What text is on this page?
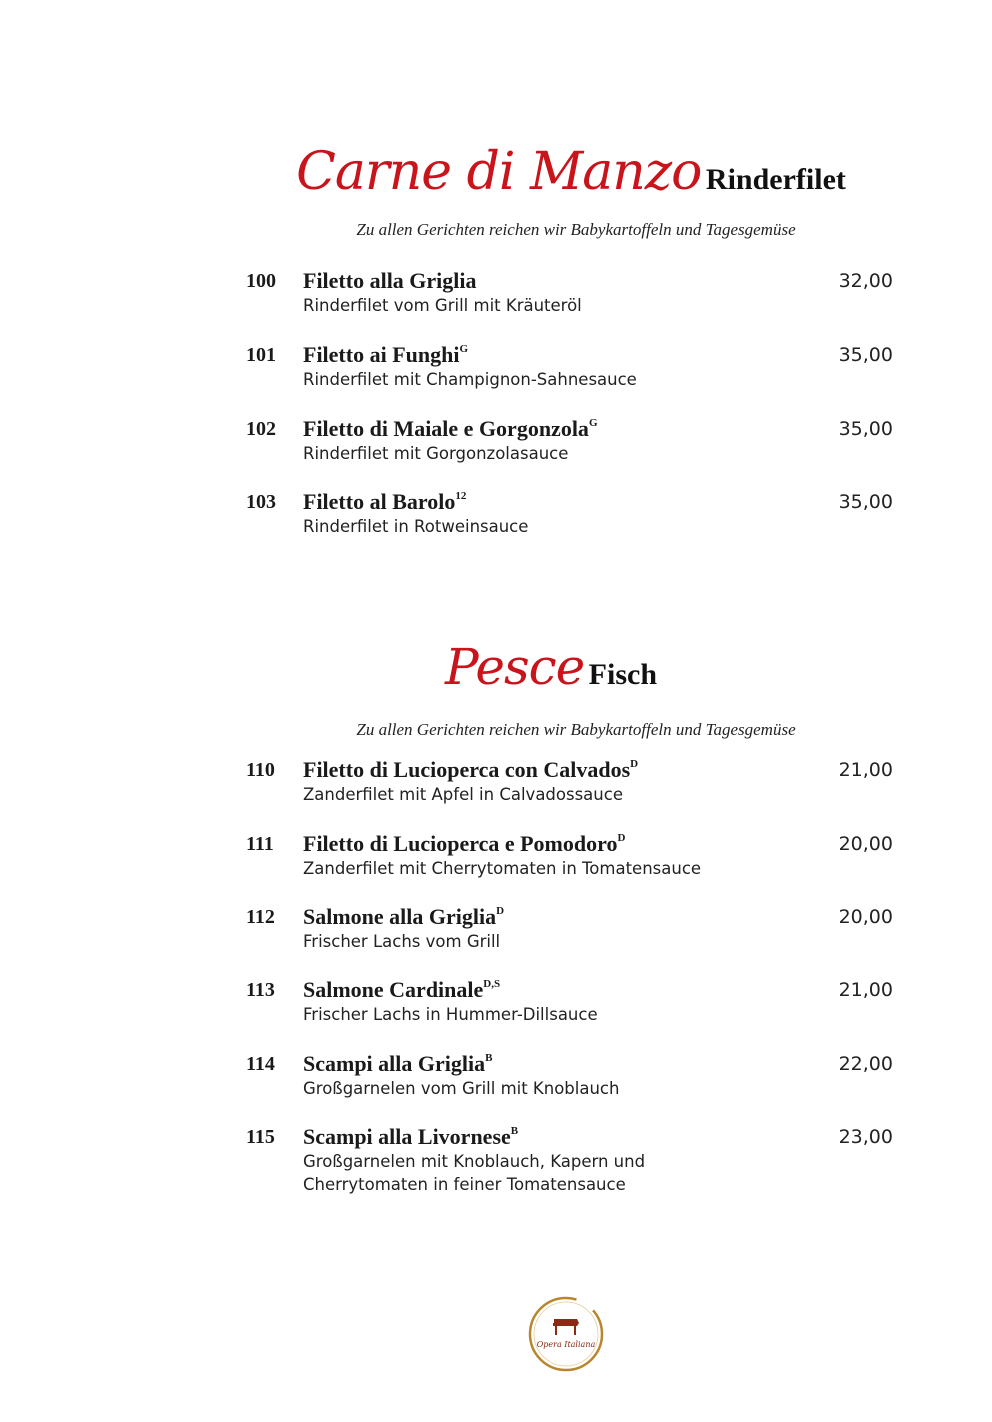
Carne di Manzo Rinderfilet
Zu allen Gerichten reichen wir Babykartoffeln und Tagesgemüse
100 Filetto alla Griglia	32,00
Rinderfilet vom Grill mit Kräuteröl
101 Filetto ai Funghi$^G$	35,00
Rinderfilet mit Champignon-Sahnesauce
102 Filetto di Maiale e Gorgonzola$^G$	35,00
Rinderfilet mit Gorgonzolasauce
103 Filetto al Barolo$^{12}$	35,00
Rinderfilet in Rotweinsauce
Pesce Fisch
Zu allen Gerichten reichen wir Babykartoffeln und Tagesgemüse
110 Filetto di Lucioperca con Calvados$^D$	21,00
Zanderfilet mit Apfel in Calvadossauce
111 Filetto di Lucioperca e Pomodoro$^D$	20,00
Zanderfilet mit Cherrytomaten in Tomatensauce
112 Salmone alla Griglia$^D$	20,00
Frischer Lachs vom Grill
113 Salmone Cardinale$^{D,S}$	21,00
Frischer Lachs in Hummer-Dillsauce
114 Scampi alla Griglia$^B$	22,00
Großgarnelen vom Grill mit Knoblauch
115 Scampi alla Livornese$^B$	23,00
Großgarnelen mit Knoblauch, Kapern und Cherrytomaten in feiner Tomatensauce
Opera Italiana
